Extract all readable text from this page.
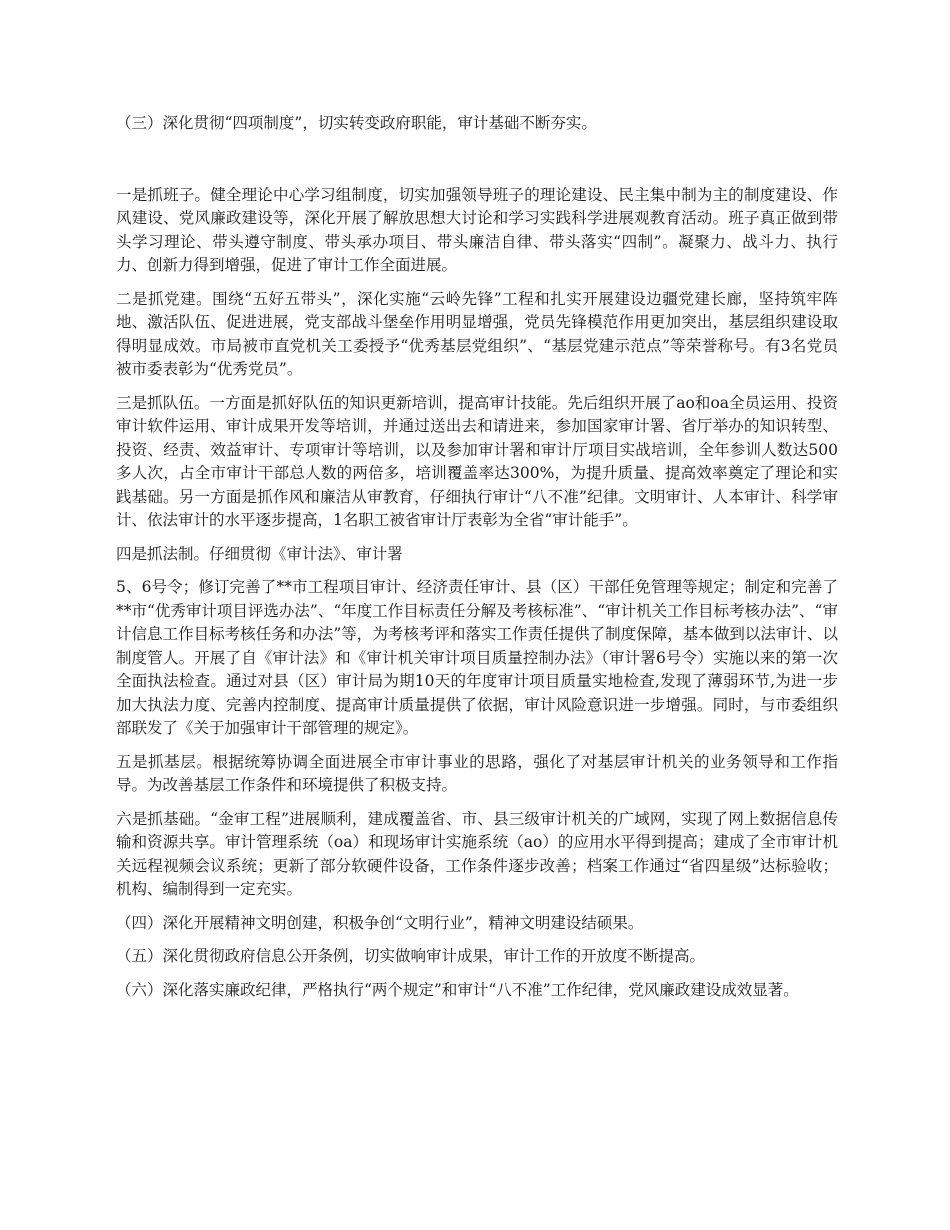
（三）深化贯彻“四项制度”，切实转变政府职能，审计基础不断夯实。

一是抓班子。健全理论中心学习组制度，切实加强领导班子的理论建设、民主集中制为主的制度建设、作风建设、党风廉政建设等，深化开展了解放思想大讨论和学习实践科学进展观教育活动。班子真正做到带头学习理论、带头遵守制度、带头承办项目、带头廉洁自律、带头落实“四制”。凝聚力、战斗力、执行力、创新力得到增强，促进了审计工作全面进展。

二是抓党建。围绕“五好五带头”，深化实施“云岭先锋”工程和扎实开展建设边疆党建长廊，坚持筑牢阵地、激活队伍、促进进展，党支部战斗堡垒作用明显增强，党员先锋模范作用更加突出，基层组织建设取得明显成效。市局被市直党机关工委授予“优秀基层党组织”、“基层党建示范点”等荣誉称号。有3名党员被市委表彰为“优秀党员”。

三是抓队伍。一方面是抓好队伍的知识更新培训，提高审计技能。先后组织开展了ao和oa全员运用、投资审计软件运用、审计成果开发等培训，并通过送出去和请进来，参加国家审计署、省厅举办的知识转型、投资、经责、效益审计、专项审计等培训，以及参加审计署和审计厅项目实战培训，全年参训人数达500多人次，占全市审计干部总人数的两倍多，培训覆盖率达300%，为提升质量、提高效率奠定了理论和实践基础。另一方面是抓作风和廉洁从审教育，仔细执行审计“八不准”纪律。文明审计、人本审计、科学审计、依法审计的水平逐步提高，1名职工被省审计厅表彰为全省“审计能手”。

四是抓法制。仔细贯彻《审计法》、审计署

5、6号令；修订完善了**市工程项目审计、经济责任审计、县（区）干部任免管理等规定；制定和完善了**市“优秀审计项目评选办法”、“年度工作目标责任分解及考核标准”、“审计机关工作目标考核办法”、“审计信息工作目标考核任务和办法”等，为考核考评和落实工作责任提供了制度保障，基本做到以法审计、以制度管人。开展了自《审计法》和《审计机关审计项目质量控制办法》（审计署6号令）实施以来的第一次全面执法检查。通过对县（区）审计局为期10天的年度审计项目质量实地检查,发现了薄弱环节,为进一步加大执法力度、完善内控制度、提高审计质量提供了依据，审计风险意识进一步增强。同时，与市委组织部联发了《关于加强审计干部管理的规定》。

五是抓基层。根据统筹协调全面进展全市审计事业的思路，强化了对基层审计机关的业务领导和工作指导。为改善基层工作条件和环境提供了积极支持。

六是抓基础。“金审工程”进展顺利，建成覆盖省、市、县三级审计机关的广域网，实现了网上数据信息传输和资源共享。审计管理系统（oa）和现场审计实施系统（ao）的应用水平得到提高；建成了全市审计机关远程视频会议系统；更新了部分软硬件设备，工作条件逐步改善；档案工作通过“省四星级”达标验收；机构、编制得到一定充实。

（四）深化开展精神文明创建，积极争创“文明行业”，精神文明建设结硕果。

（五）深化贯彻政府信息公开条例，切实做响审计成果，审计工作的开放度不断提高。

（六）深化落实廉政纪律，严格执行“两个规定”和审计“八不准”工作纪律，党风廉政建设成效显著。
